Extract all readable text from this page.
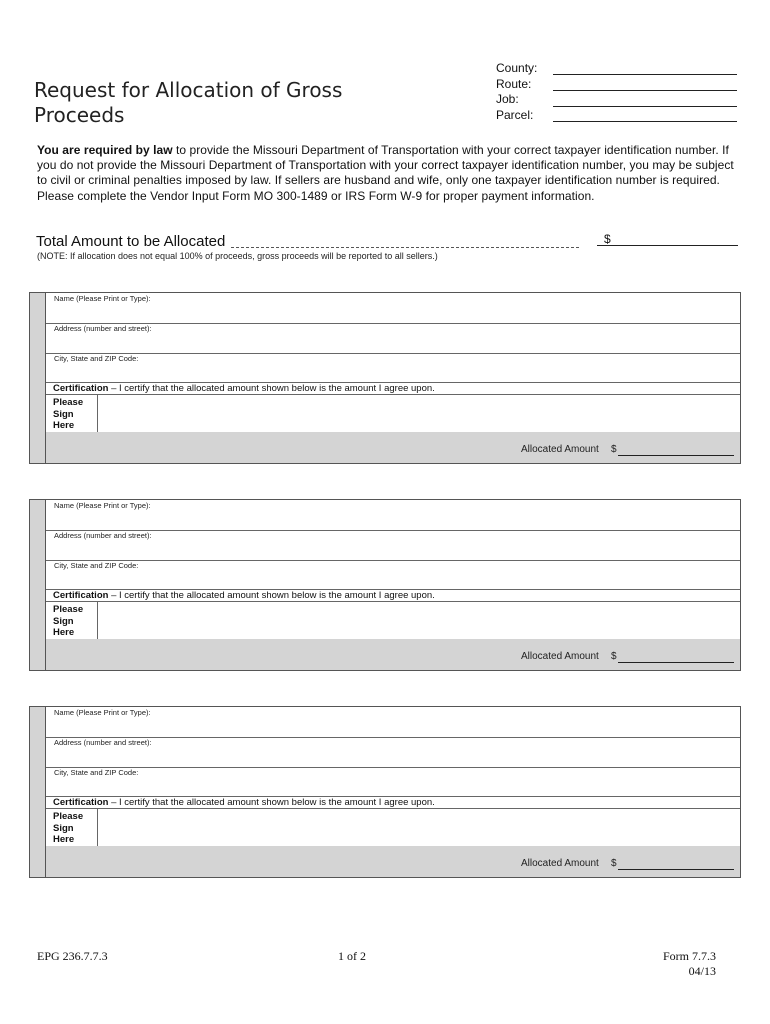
Request for Allocation of Gross Proceeds
County:
Route:
Job:
Parcel:
You are required by law to provide the Missouri Department of Transportation with your correct taxpayer identification number. If you do not provide the Missouri Department of Transportation with your correct taxpayer identification number, you may be subject to civil or criminal penalties imposed by law. If sellers are husband and wife, only one taxpayer identification number is required. Please complete the Vendor Input Form MO 300-1489 or IRS Form W-9 for proper payment information.
Total Amount to be Allocated	$
(NOTE: If allocation does not equal 100% of proceeds, gross proceeds will be reported to all sellers.)
Name (Please Print or Type):
Address (number and street):
City, State and ZIP Code:
Certification – I certify that the allocated amount shown below is the amount I agree upon.
Please Sign Here
Allocated Amount $
Name (Please Print or Type):
Address (number and street):
City, State and ZIP Code:
Certification – I certify that the allocated amount shown below is the amount I agree upon.
Please Sign Here
Allocated Amount $
Name (Please Print or Type):
Address (number and street):
City, State and ZIP Code:
Certification – I certify that the allocated amount shown below is the amount I agree upon.
Please Sign Here
Allocated Amount $
EPG 236.7.7.3	1 of 2	Form 7.7.3
04/13
